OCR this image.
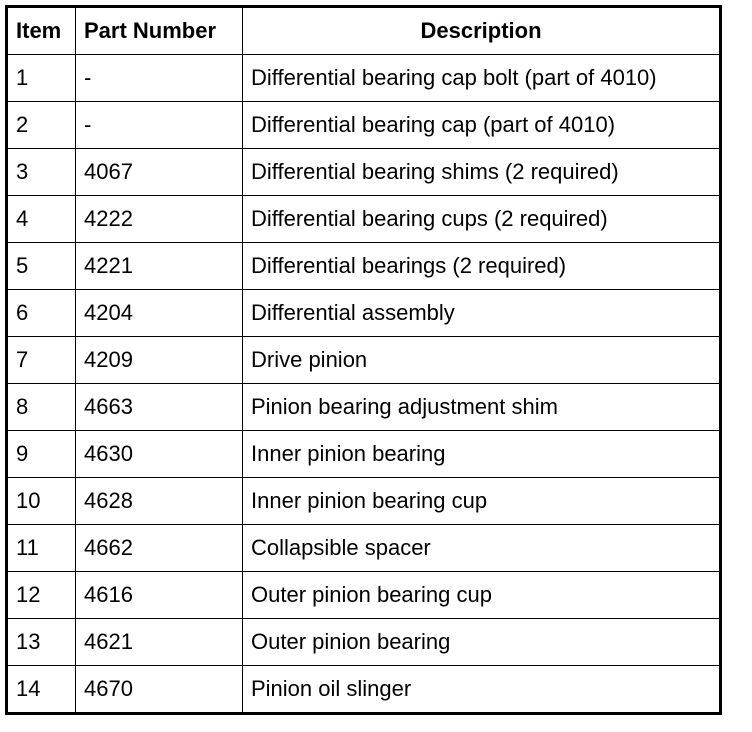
Item	Part Number	Description
1	-	Differential bearing cap bolt (part of 4010)
2	-	Differential bearing cap (part of 4010)
3	4067	Differential bearing shims (2 required)
4	4222	Differential bearing cups (2 required)
5	4221	Differential bearings (2 required)
6	4204	Differential assembly
7	4209	Drive pinion
8	4663	Pinion bearing adjustment shim
9	4630	Inner pinion bearing
10	4628	Inner pinion bearing cup
11	4662	Collapsible spacer
12	4616	Outer pinion bearing cup
13	4621	Outer pinion bearing
14	4670	Pinion oil slinger
